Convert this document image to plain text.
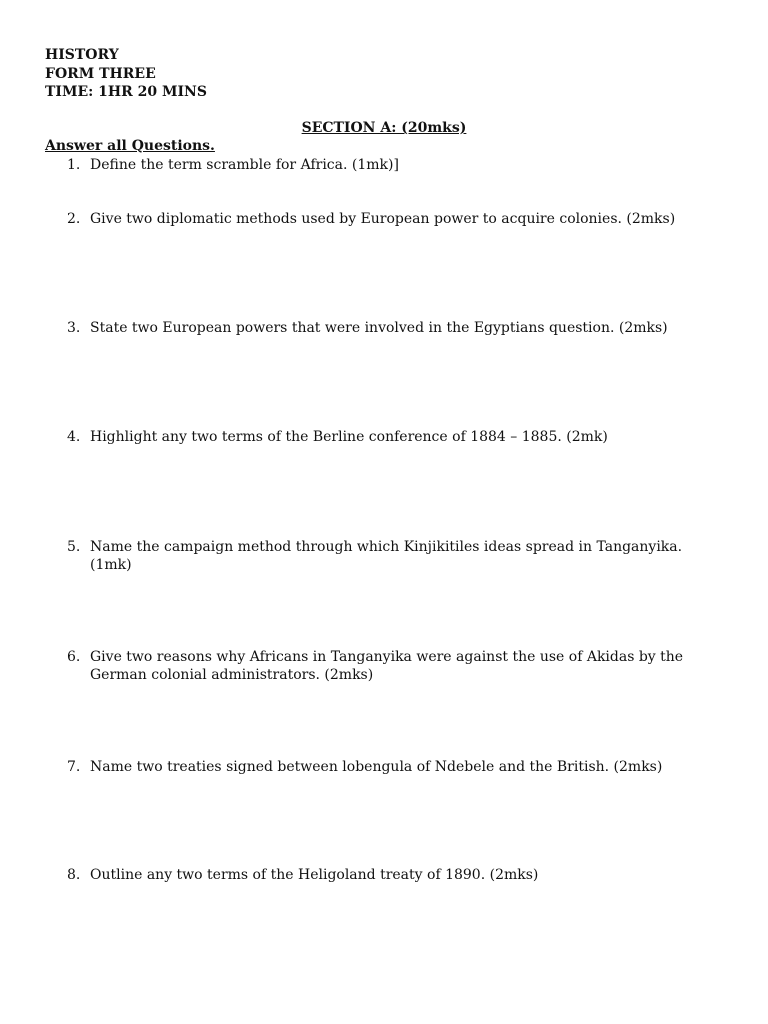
HISTORY
FORM THREE
TIME: 1HR 20 MINS
SECTION A: (20mks)
Answer all Questions.
1. Define the term scramble for Africa. (1mk)]
2. Give two diplomatic methods used by European power to acquire colonies. (2mks)
3. State two European powers that were involved in the Egyptians question. (2mks)
4. Highlight any two terms of the Berline conference of 1884 – 1885. (2mk)
5. Name the campaign method through which Kinjikitiles ideas spread in Tanganyika. (1mk)
6. Give two reasons why Africans in Tanganyika were against the use of Akidas by the German colonial administrators. (2mks)
7. Name two treaties signed between lobengula of Ndebele and the British. (2mks)
8. Outline any two terms of the Heligoland treaty of 1890. (2mks)
